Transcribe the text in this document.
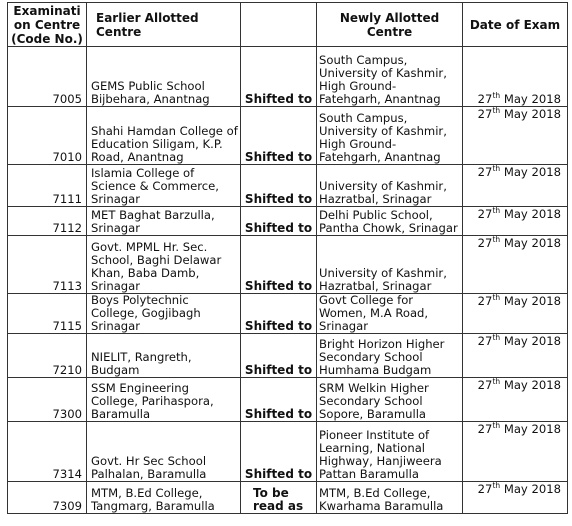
Examination Centre (Code No.)	Earlier Allotted Centre		Newly Allotted Centre	Date of Exam
7005	GEMS Public School Bijbehara, Anantnag	Shifted to	South Campus, University of Kashmir, High Ground- Fatehgarh, Anantnag	27th May 2018
7010	Shahi Hamdan College of Education Siligam, K.P. Road, Anantnag	Shifted to	South Campus, University of Kashmir, High Ground- Fatehgarh, Anantnag	27th May 2018
7111	Islamia College of Science & Commerce, Srinagar	Shifted to	University of Kashmir, Hazratbal, Srinagar	27th May 2018
7112	MET Baghat Barzulla, Srinagar	Shifted to	Delhi Public School, Pantha Chowk, Srinagar	27th May 2018
7113	Govt. MPML Hr. Sec. School, Baghi Delawar Khan, Baba Damb, Srinagar	Shifted to	University of Kashmir, Hazratbal, Srinagar	27th May 2018
7115	Boys Polytechnic College, Gogjibagh Srinagar	Shifted to	Govt College for Women, M.A Road, Srinagar	27th May 2018
7210	NIELIT, Rangreth, Budgam	Shifted to	Bright Horizon Higher Secondary School Humhama Budgam	27th May 2018
7300	SSM Engineering College, Parihaspora, Baramulla	Shifted to	SRM Welkin Higher Secondary School Sopore, Baramulla	27th May 2018
7314	Govt. Hr Sec School Palhalan, Baramulla	Shifted to	Pioneer Institute of Learning, National Highway, Hanjiweera Pattan Baramulla	27th May 2018
7309	MTM, B.Ed College, Tangmarg, Baramulla	To be read as	MTM, B.Ed College, Kwarhama Baramulla	27th May 2018
